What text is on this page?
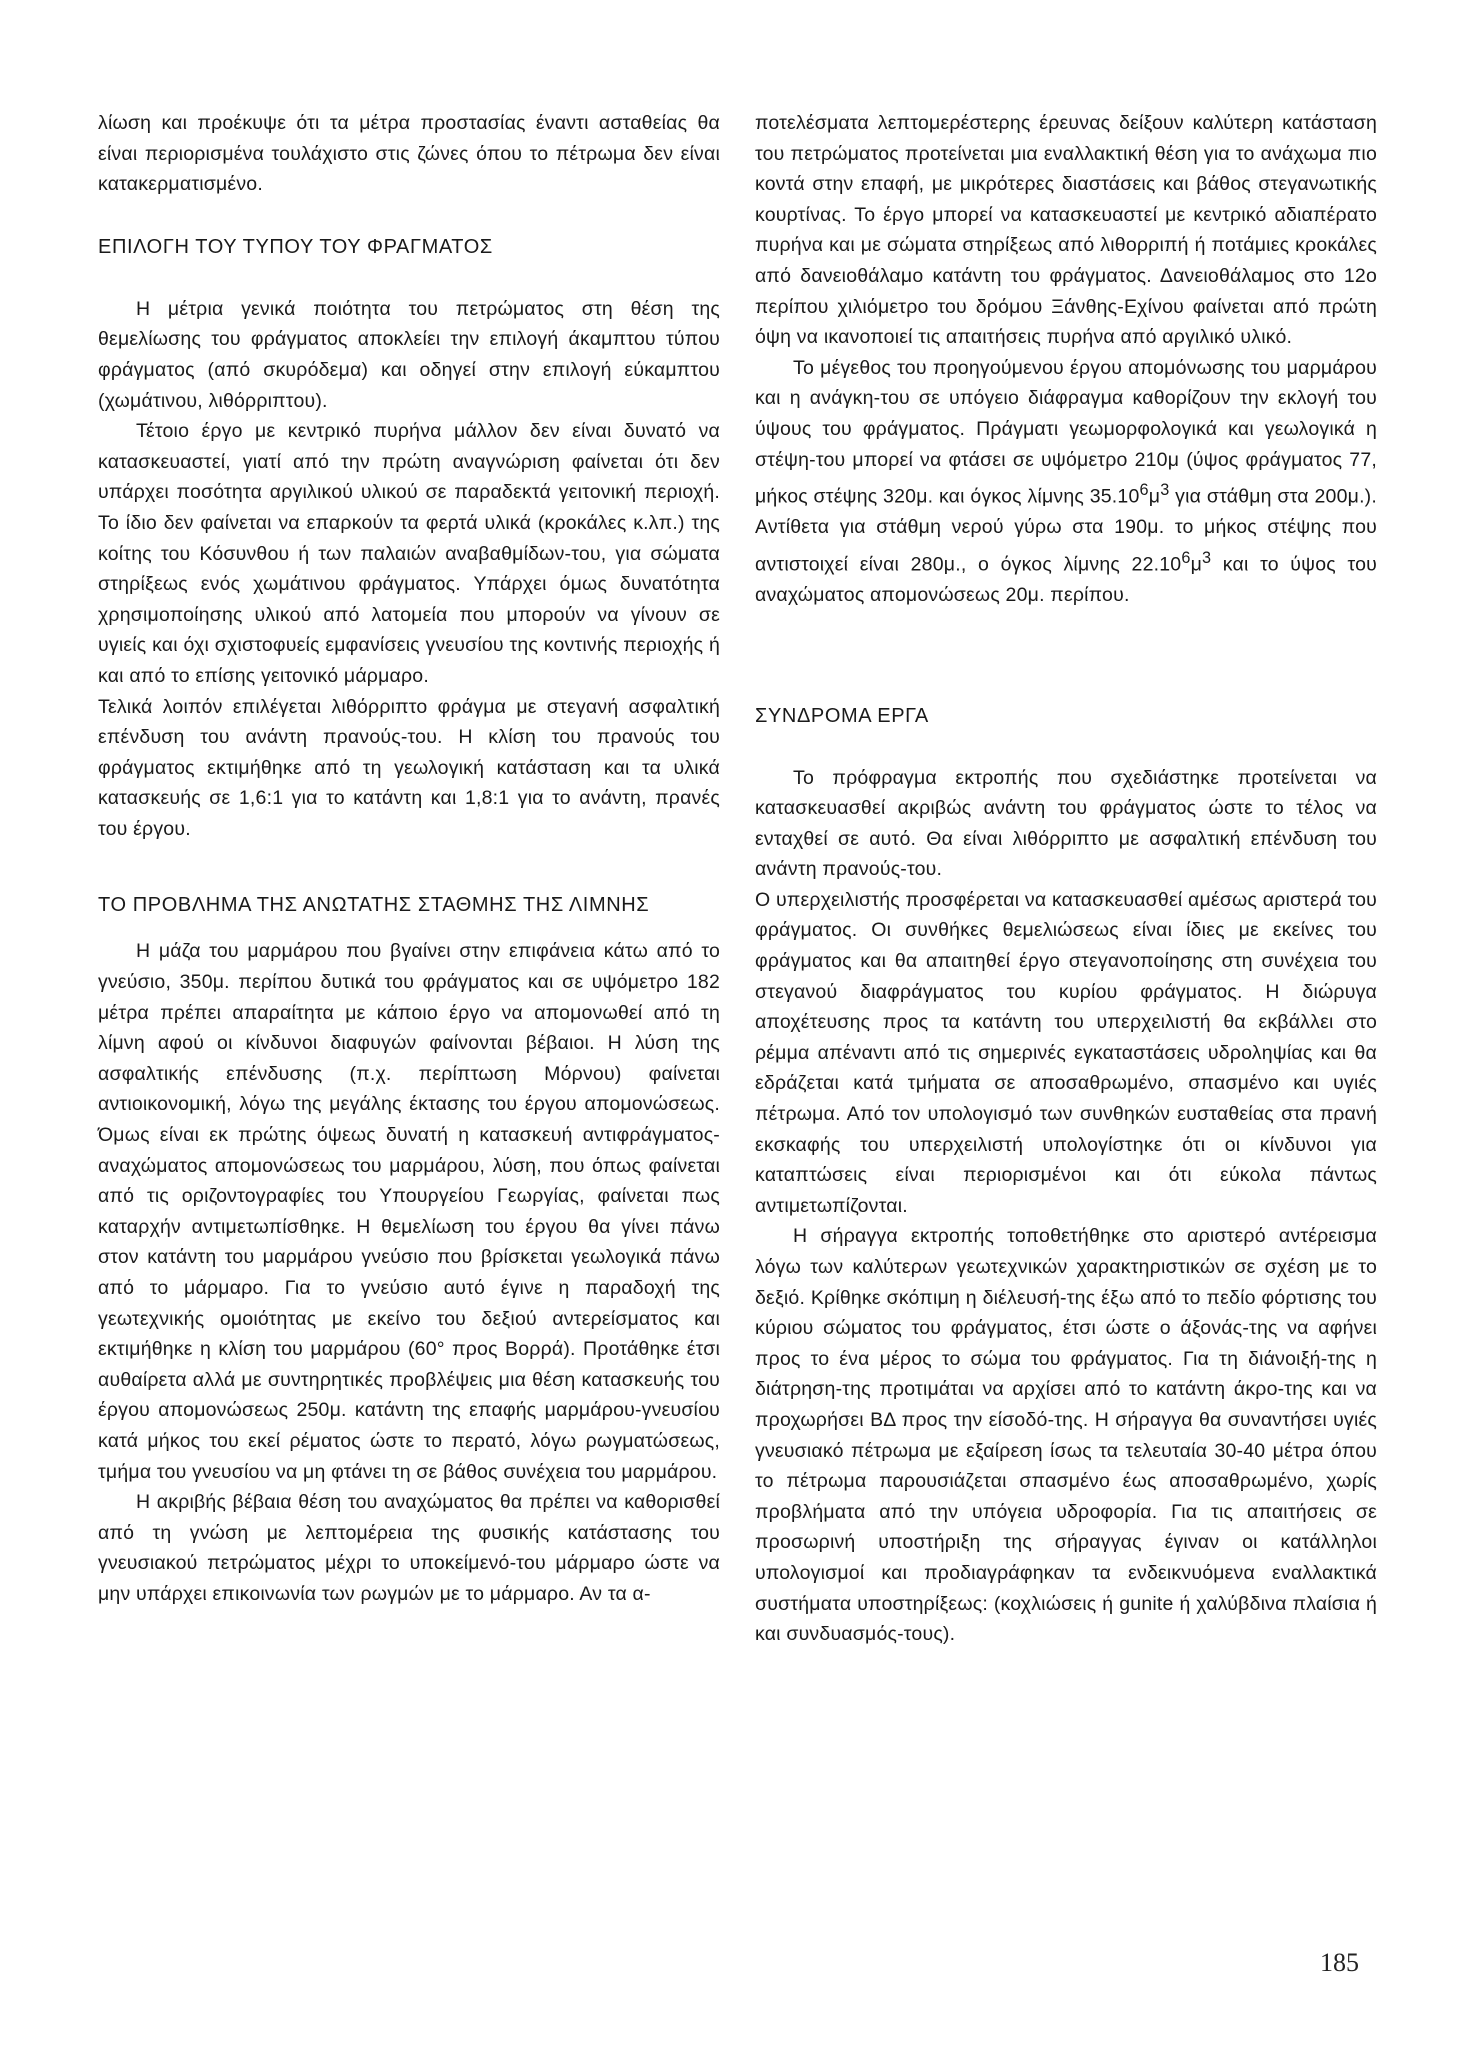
λίωση και προέκυψε ότι τα μέτρα προστασίας έναντι ασταθείας θα είναι περιορισμένα τουλάχιστο στις ζώνες όπου το πέτρωμα δεν είναι κατακερματισμένο.

ΕΠΙΛΟΓΗ ΤΟΥ ΤΥΠΟΥ ΤΟΥ ΦΡΑΓΜΑΤΟΣ

Η μέτρια γενικά ποιότητα του πετρώματος στη θέση της θεμελίωσης του φράγματος αποκλείει την επιλογή άκαμπτου τύπου φράγματος (από σκυρόδεμα) και οδηγεί στην επιλογή εύκαμπτου (χωμάτινου, λιθόρριπτου).

Τέτοιο έργο με κεντρικό πυρήνα μάλλον δεν είναι δυνατό να κατασκευαστεί, γιατί από την πρώτη αναγνώριση φαίνεται ότι δεν υπάρχει ποσότητα αργιλικού υλικού σε παραδεκτά γειτονική περιοχή. Το ίδιο δεν φαίνεται να επαρκούν τα φερτά υλικά (κροκάλες κ.λπ.) της κοίτης του Κόσυνθου ή των παλαιών αναβαθμίδων-του, για σώματα στηρίξεως ενός χωμάτινου φράγματος. Υπάρχει όμως δυνατότητα χρησιμοποίησης υλικού από λατομεία που μπορούν να γίνουν σε υγιείς και όχι σχιστοφυείς εμφανίσεις γνευσίου της κοντινής περιοχής ή και από το επίσης γειτονικό μάρμαρο.

Τελικά λοιπόν επιλέγεται λιθόρριπτο φράγμα με στεγανή ασφαλτική επένδυση του ανάντη πρανούς-του. Η κλίση του πρανούς του φράγματος εκτιμήθηκε από τη γεωλογική κατάσταση και τα υλικά κατασκευής σε 1,6:1 για το κατάντη και 1,8:1 για το ανάντη, πρανές του έργου.

ΤΟ ΠΡΟΒΛΗΜΑ ΤΗΣ ΑΝΩΤΑΤΗΣ ΣΤΑΘΜΗΣ ΤΗΣ ΛΙΜΝΗΣ

Η μάζα του μαρμάρου που βγαίνει στην επιφάνεια κάτω από το γνεύσιο, 350μ. περίπου δυτικά του φράγματος και σε υψόμετρο 182 μέτρα πρέπει απαραίτητα με κάποιο έργο να απομονωθεί από τη λίμνη αφού οι κίνδυνοι διαφυγών φαίνονται βέβαιοι. Η λύση της ασφαλτικής επένδυσης (π.χ. περίπτωση Μόρνου) φαίνεται αντιοικονομική, λόγω της μεγάλης έκτασης του έργου απομονώσεως. Όμως είναι εκ πρώτης όψεως δυνατή η κατασκευή αντιφράγματος-αναχώματος απομονώσεως του μαρμάρου, λύση, που όπως φαίνεται από τις οριζοντογραφίες του Υπουργείου Γεωργίας, φαίνεται πως καταρχήν αντιμετωπίσθηκε. Η θεμελίωση του έργου θα γίνει πάνω στον κατάντη του μαρμάρου γνεύσιο που βρίσκεται γεωλογικά πάνω από το μάρμαρο. Για το γνεύσιο αυτό έγινε η παραδοχή της γεωτεχνικής ομοιότητας με εκείνο του δεξιού αντερείσματος και εκτιμήθηκε η κλίση του μαρμάρου (60° προς Βορρά). Προτάθηκε έτσι αυθαίρετα αλλά με συντηρητικές προβλέψεις μια θέση κατασκευής του έργου απομονώσεως 250μ. κατάντη της επαφής μαρμάρου-γνευσίου κατά μήκος του εκεί ρέματος ώστε το περατό, λόγω ρωγματώσεως, τμήμα του γνευσίου να μη φτάνει τη σε βάθος συνέχεια του μαρμάρου.

Η ακριβής βέβαια θέση του αναχώματος θα πρέπει να καθορισθεί από τη γνώση με λεπτομέρεια της φυσικής κατάστασης του γνευσιακού πετρώματος μέχρι το υποκείμενό-του μάρμαρο ώστε να μην υπάρχει επικοινωνία των ρωγμών με το μάρμαρο. Αν τα α-

ποτελέσματα λεπτομερέστερης έρευνας δείξουν καλύτερη κατάσταση του πετρώματος προτείνεται μια εναλλακτική θέση για το ανάχωμα πιο κοντά στην επαφή, με μικρότερες διαστάσεις και βάθος στεγανωτικής κουρτίνας. Το έργο μπορεί να κατασκευαστεί με κεντρικό αδιαπέρατο πυρήνα και με σώματα στηρίξεως από λιθορριπή ή ποτάμιες κροκάλες από δανειοθάλαμο κατάντη του φράγματος. Δανειοθάλαμος στο 12ο περίπου χιλιόμετρο του δρόμου Ξάνθης-Εχίνου φαίνεται από πρώτη όψη να ικανοποιεί τις απαιτήσεις πυρήνα από αργιλικό υλικό.

Το μέγεθος του προηγούμενου έργου απομόνωσης του μαρμάρου και η ανάγκη-του σε υπόγειο διάφραγμα καθορίζουν την εκλογή του ύψους του φράγματος. Πράγματι γεωμορφολογικά και γεωλογικά η στέψη-του μπορεί να φτάσει σε υψόμετρο 210μ (ύψος φράγματος 77, μήκος στέψης 320μ. και όγκος λίμνης $35.10^6\mu^3$ για στάθμη στα 200μ.). Αντίθετα για στάθμη νερού γύρω στα 190μ. το μήκος στέψης που αντιστοιχεί είναι 280μ., ο όγκος λίμνης $22.10^6\mu^3$ και το ύψος του αναχώματος απομονώσεως 20μ. περίπου.

ΣΥΝΔΡΟΜΑ ΕΡΓΑ

Το πρόφραγμα εκτροπής που σχεδιάστηκε προτείνεται να κατασκευασθεί ακριβώς ανάντη του φράγματος ώστε το τέλος να ενταχθεί σε αυτό. Θα είναι λιθόρριπτο με ασφαλτική επένδυση του ανάντη πρανούς-του.

Ο υπερχειλιστής προσφέρεται να κατασκευασθεί αμέσως αριστερά του φράγματος. Οι συνθήκες θεμελιώσεως είναι ίδιες με εκείνες του φράγματος και θα απαιτηθεί έργο στεγανοποίησης στη συνέχεια του στεγανού διαφράγματος του κυρίου φράγματος. Η διώρυγα αποχέτευσης προς τα κατάντη του υπερχειλιστή θα εκβάλλει στο ρέμμα απέναντι από τις σημερινές εγκαταστάσεις υδροληψίας και θα εδράζεται κατά τμήματα σε αποσαθρωμένο, σπασμένο και υγιές πέτρωμα. Από τον υπολογισμό των συνθηκών ευσταθείας στα πρανή εκσκαφής του υπερχειλιστή υπολογίστηκε ότι οι κίνδυνοι για καταπτώσεις είναι περιορισμένοι και ότι εύκολα πάντως αντιμετωπίζονται.

Η σήραγγα εκτροπής τοποθετήθηκε στο αριστερό αντέρεισμα λόγω των καλύτερων γεωτεχνικών χαρακτηριστικών σε σχέση με το δεξιό. Κρίθηκε σκόπιμη η διέλευσή-της έξω από το πεδίο φόρτισης του κύριου σώματος του φράγματος, έτσι ώστε ο άξονάς-της να αφήνει προς το ένα μέρος το σώμα του φράγματος. Για τη διάνοιξή-της η διάτρηση-της προτιμάται να αρχίσει από το κατάντη άκρο-της και να προχωρήσει ΒΔ προς την είσοδό-της. Η σήραγγα θα συναντήσει υγιές γνευσιακό πέτρωμα με εξαίρεση ίσως τα τελευταία 30-40 μέτρα όπου το πέτρωμα παρουσιάζεται σπασμένο έως αποσαθρωμένο, χωρίς προβλήματα από την υπόγεια υδροφορία. Για τις απαιτήσεις σε προσωρινή υποστήριξη της σήραγγας έγιναν οι κατάλληλοι υπολογισμοί και προδιαγράφηκαν τα ενδεικνυόμενα εναλλακτικά συστήματα υποστηρίξεως: (κοχλιώσεις ή gunite ή χαλύβδινα πλαίσια ή και συνδυασμός-τους).

185
